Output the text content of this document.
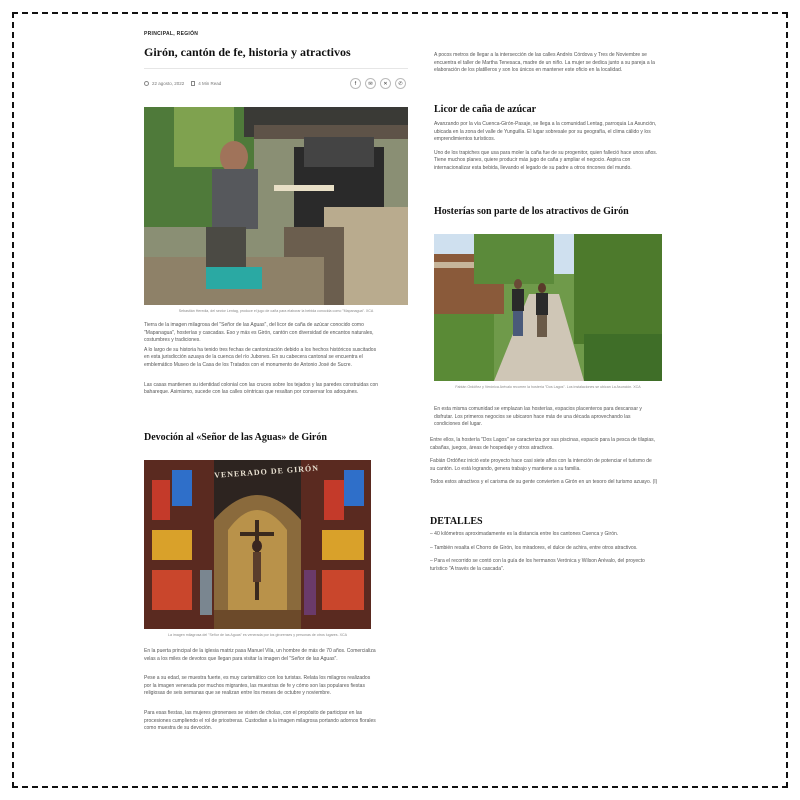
PRINCIPAL, REGIÓN
Girón, cantón de fe, historia y atractivos
22 agosto, 2022	4 Min Read	f	✉	✕	✆
Sebastián Heredia, del sector Lentag, produce el jugo de caña para elaborar la bebida conocida como "Mapanagua". XCA

Tierra de la imagen milagrosa del "Señor de las Aguas", del licor de caña de azúcar conocido como "Mapanagua", hosterías y cascadas. Eso y más es Girón, cantón con diversidad de encantos naturales, costumbres y tradiciones.

A lo largo de su historia ha tenido tres fechas de cantonización debido a los hechos históricos suscitados en esta jurisdicción azuaya de la cuenca del río Jubones. En su cabecera cantonal se encuentra el emblemático Museo de la Casa de los Tratados con el monumento de Antonio José de Sucre.

Las casas mantienen su identidad colonial con las cruces sobre los tejados y las paredes construidas con bahareque. Asimismo, sucede con las calles céntricas que resaltan por conservar los adoquines.

Devoción al «Señor de las Aguas» de Girón
VENERADO DE GIRÓN
La imagen milagrosa del "Señor de las Aguas" es venerada por los girorenses y personas de otros lugares. XCA

En la puerta principal de la iglesia matriz pasa Manuel Vila, un hombre de más de 70 años. Comercializa velas a los miles de devotos que llegan para visitar la imagen del "Señor de las Aguas".

Pese a su edad, se muestra fuerte, es muy carismático con los turistas. Relata los milagros realizados por la imagen venerada por muchos migrantes, las muestras de fe y cómo son las populares fiestas religiosas de seis semanas que se realizan entre los meses de octubre y noviembre.

Para esas fiestas, las mujeres gironenses se visten de cholas, con el propósito de participar en las procesiones cumpliendo el rol de priostreras. Custodian a la imagen milagrosa portando adornos florales como muestra de su devoción.

A pocos metros de llegar a la intersección de las calles Andrés Córdova y Tres de Noviembre se encuentra el taller de Martha Tenesaca, madre de un niño. La mujer se dedica junto a su pareja a la elaboración de los platilleros y son los únicos en mantener este oficio en la localidad.

Licor de caña de azúcar

Avanzando por la vía Cuenca-Girón-Pasaje, se llega a la comunidad Lentag, parroquia La Asunción, ubicada en la zona del valle de Yunguilla. El lugar sobresale por su geografía, el clima cálido y los emprendimientos turísticos.

Uno de los trapiches que usa para moler la caña fue de su progenitor, quien falleció hace unos años. Tiene muchos planes, quiere producir más jugo de caña y ampliar el negocio. Aspira con internacionalizar esta bebida, llevando el legado de su padre a otros rincones del mundo.

Hosterías son parte de los atractivos de Girón
Fabián Ordóñez y Verónica Arévalo recorren la hostería "Dos Lagos". Los instalaciones se ubican La Asunción. XCA

En esta misma comunidad se emplazan las hosterías, espacios placenteros para descansar y disfrutar. Los primeros negocios se ubicaron hace más de una década aprovechando las condiciones del lugar.

Entre ellos, la hostería "Dos Lagos" se caracteriza por sus piscinas, espacio para la pesca de tilapias, cabañas, juegos, áreas de hospedaje y otros atractivos.

Fabián Ordóñez inició este proyecto hace casi siete años con la intención de potenciar el turismo de su cantón. Lo está logrando, genera trabajo y mantiene a su familia.

Todos estos atractivos y el carisma de su gente convierten a Girón en un tesoro del turismo azuayo. (I)

DETALLES

– 40 kilómetros aproximadamente es la distancia entre los cantones Cuenca y Girón.

– También resalta el Chorro de Girón, los miradores, el dulce de achira, entre otros atractivos.

– Para el recorrido se contó con la guía de los hermanos Verónica y Wilson Arévalo, del proyecto turístico "A través de la cascada".
